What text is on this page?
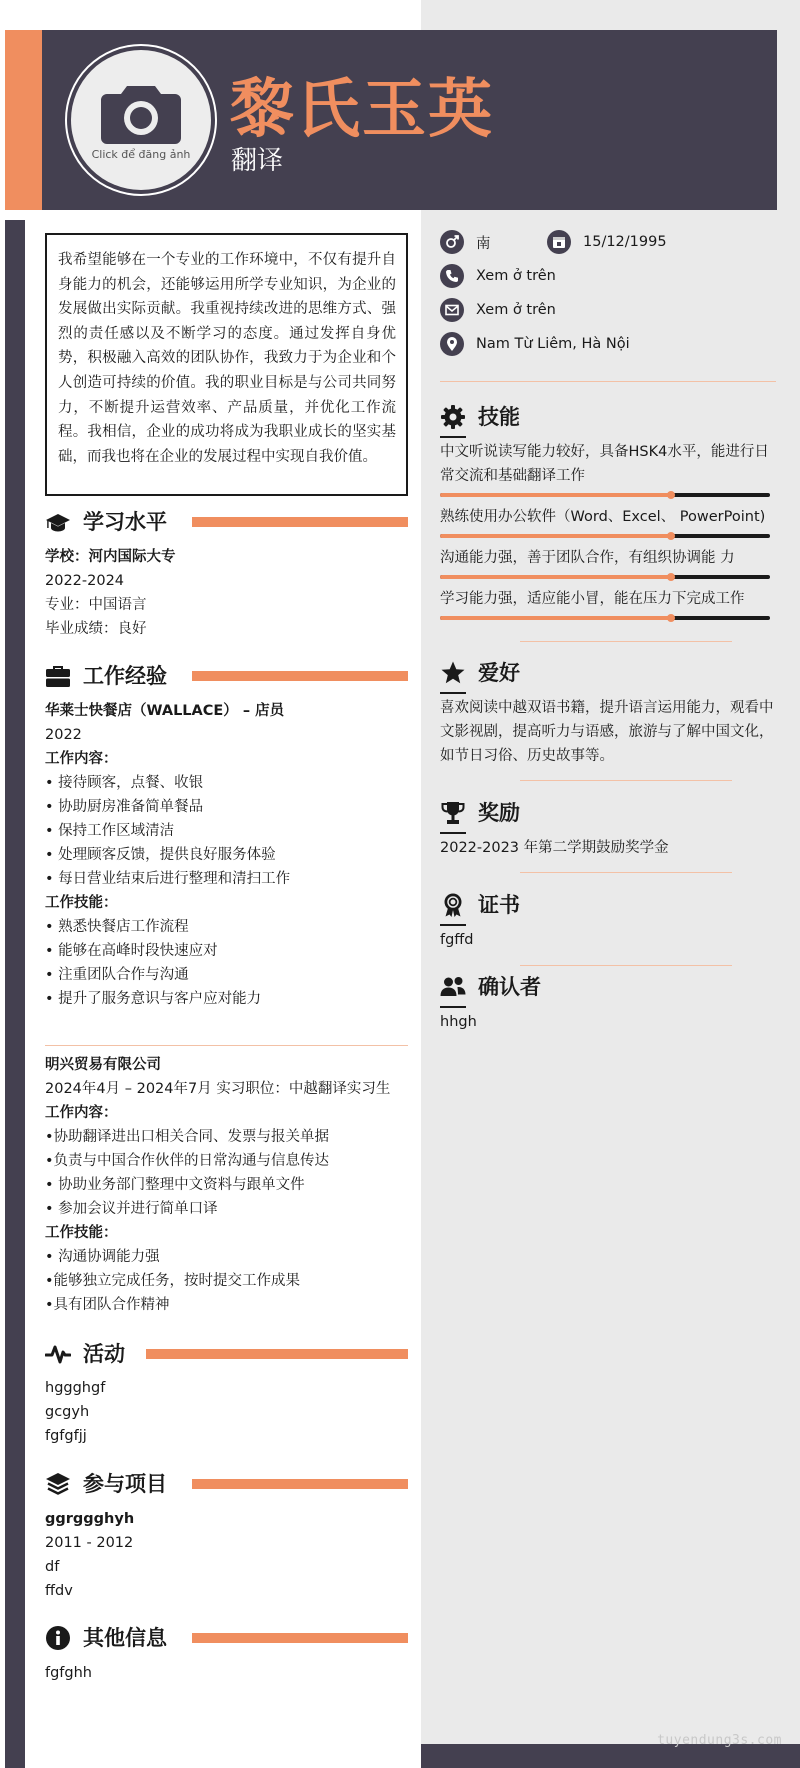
Click để đăng ảnh
黎氏玉英
翻译
我希望能够在一个专业的工作环境中，不仅有提升自身能力的机会，还能够运用所学专业知识，为企业的发展做出实际贡献。我重视持续改进的思维方式、强烈的责任感以及不断学习的态度。通过发挥自身优势，积极融入高效的团队协作，我致力于为企业和个人创造可持续的价值。我的职业目标是与公司共同努力，不断提升运营效率、产品质量，并优化工作流程。我相信，企业的成功将成为我职业成长的坚实基础，而我也将在企业的发展过程中实现自我价值。
学习水平
学校：河内国际大专
2022-2024
专业：中国语言
毕业成绩：良好
工作经验
华莱士快餐店（WALLACE） – 店员
2022
工作内容：
• 接待顾客，点餐、收银
• 协助厨房准备简单餐品
• 保持工作区域清洁
• 处理顾客反馈，提供良好服务体验
• 每日营业结束后进行整理和清扫工作
工作技能：
• 熟悉快餐店工作流程
• 能够在高峰时段快速应对
• 注重团队合作与沟通
• 提升了服务意识与客户应对能力
明兴贸易有限公司
2024年4月 – 2024年7月 实习职位：中越翻译实习生
工作内容：
•协助翻译进出口相关合同、发票与报关单据
•负责与中国合作伙伴的日常沟通与信息传达
• 协助业务部门整理中文资料与跟单文件
• 参加会议并进行简单口译
工作技能：
• 沟通协调能力强
•能够独立完成任务，按时提交工作成果
•具有团队合作精神
活动
hggghgf
gcgyh
fgfgfjj
参与项目
ggrggghyh
2011 - 2012
df
ffdv
其他信息
fgfghh
南	15/12/1995
Xem ở trên
Xem ở trên
Nam Từ Liêm, Hà Nội
技能
中文听说读写能力较好，具备HSK4水平，能进行日常交流和基础翻译工作
熟练使用办公软件（Word、Excel、 PowerPoint)
沟通能力强，善于团队合作，有组织协调能 力
学习能力强，适应能小冒，能在压力下完成工作
爱好
喜欢阅读中越双语书籍，提升语言运用能力，观看中文影视剧，提高听力与语感，旅游与了解中国文化，如节日习俗、历史故事等。
奖励
2022-2023 年第二学期鼓励奖学金
证书
fgffd
确认者
hhgh
tuyendung3s.com
